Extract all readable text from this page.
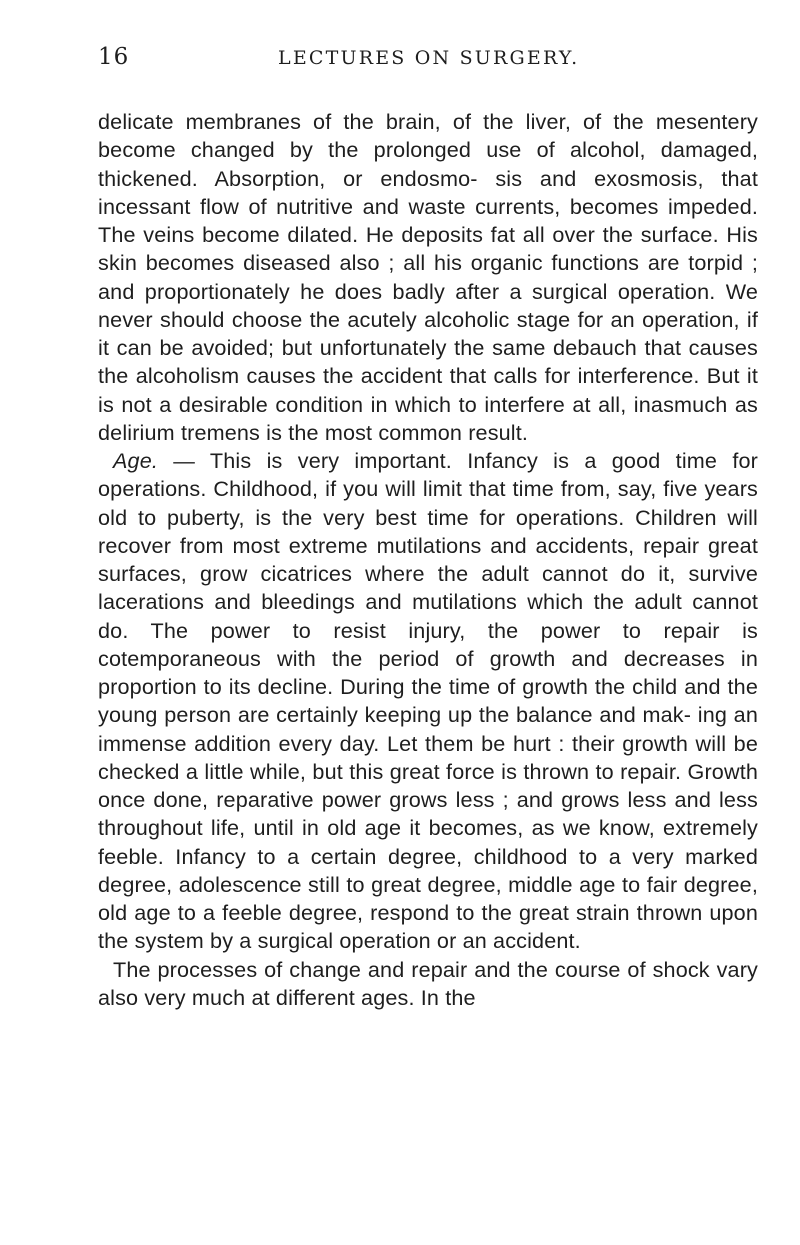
16	LECTURES ON SURGERY.

delicate membranes of the brain, of the liver, of the mesentery become changed by the prolonged use of alcohol, damaged, thickened. Absorption, or endosmo- sis and exosmosis, that incessant flow of nutritive and waste currents, becomes impeded. The veins become dilated. He deposits fat all over the surface. His skin becomes diseased also ; all his organic functions are torpid ; and proportionately he does badly after a surgical operation. We never should choose the acutely alcoholic stage for an operation, if it can be avoided; but unfortunately the same debauch that causes the alcoholism causes the accident that calls for interference. But it is not a desirable condition in which to interfere at all, inasmuch as delirium tremens is the most common result.

Age. — This is very important. Infancy is a good time for operations. Childhood, if you will limit that time from, say, five years old to puberty, is the very best time for operations. Children will recover from most extreme mutilations and accidents, repair great surfaces, grow cicatrices where the adult cannot do it, survive lacerations and bleedings and mutilations which the adult cannot do. The power to resist injury, the power to repair is cotemporaneous with the period of growth and decreases in proportion to its decline. During the time of growth the child and the young person are certainly keeping up the balance and mak- ing an immense addition every day. Let them be hurt : their growth will be checked a little while, but this great force is thrown to repair. Growth once done, reparative power grows less ; and grows less and less throughout life, until in old age it becomes, as we know, extremely feeble. Infancy to a certain degree, childhood to a very marked degree, adolescence still to great degree, middle age to fair degree, old age to a feeble degree, respond to the great strain thrown upon the system by a surgical operation or an accident.

The processes of change and repair and the course of shock vary also very much at different ages. In the
